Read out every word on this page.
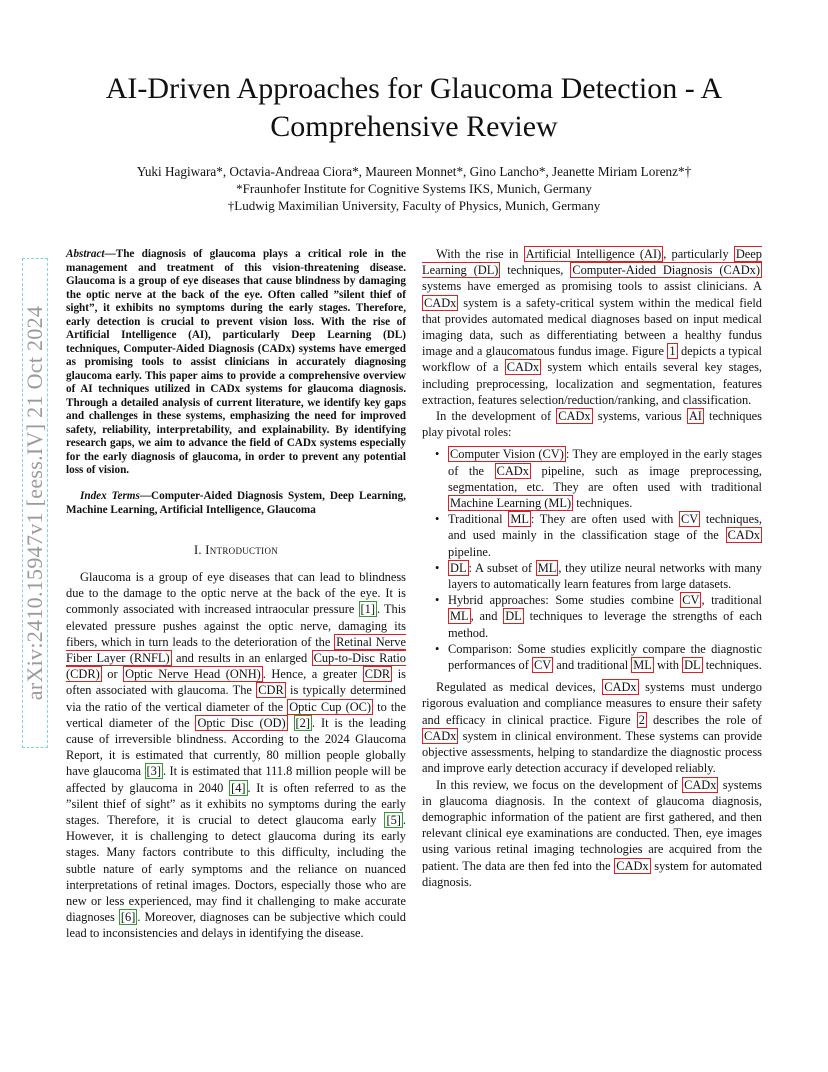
arXiv:2410.15947v1 [eess.IV] 21 Oct 2024
AI-Driven Approaches for Glaucoma Detection - A
Comprehensive Review
Yuki Hagiwara*, Octavia-Andreaa Ciora*, Maureen Monnet*, Gino Lancho*, Jeanette Miriam Lorenz*†
*Fraunhofer Institute for Cognitive Systems IKS, Munich, Germany
†Ludwig Maximilian University, Faculty of Physics, Munich, Germany
Abstract—The diagnosis of glaucoma plays a critical role in the management and treatment of this vision-threatening disease. Glaucoma is a group of eye diseases that cause blindness by damaging the optic nerve at the back of the eye. Often called ”silent thief of sight”, it exhibits no symptoms during the early stages. Therefore, early detection is crucial to prevent vision loss. With the rise of Artificial Intelligence (AI), particularly Deep Learning (DL) techniques, Computer-Aided Diagnosis (CADx) systems have emerged as promising tools to assist clinicians in accurately diagnosing glaucoma early. This paper aims to provide a comprehensive overview of AI techniques utilized in CADx systems for glaucoma diagnosis. Through a detailed analysis of current literature, we identify key gaps and challenges in these systems, emphasizing the need for improved safety, reliability, interpretability, and explainability. By identifying research gaps, we aim to advance the field of CADx systems especially for the early diagnosis of glaucoma, in order to prevent any potential loss of vision.

Index Terms—Computer-Aided Diagnosis System, Deep Learning, Machine Learning, Artificial Intelligence, Glaucoma

I. Introduction

Glaucoma is a group of eye diseases that can lead to blindness due to the damage to the optic nerve at the back of the eye. It is commonly associated with increased intraocular pressure [1] . This elevated pressure pushes against the optic nerve, damaging its fibers, which in turn leads to the deterioration of the Retinal Nerve Fiber Layer (RNFL) and results in an enlarged Cup-to-Disc Ratio (CDR) or Optic Nerve Head (ONH) . Hence, a greater CDR is often associated with glaucoma. The CDR is typically determined via the ratio of the vertical diameter of the Optic Cup (OC) to the vertical diameter of the Optic Disc (OD) [2] . It is the leading cause of irreversible blindness. According to the 2024 Glaucoma Report, it is estimated that currently, 80 million people globally have glaucoma [3] . It is estimated that 111.8 million people will be affected by glaucoma in 2040 [4] . It is often referred to as the ”silent thief of sight” as it exhibits no symptoms during the early stages. Therefore, it is crucial to detect glaucoma early [5] . However, it is challenging to detect glaucoma during its early stages. Many factors contribute to this difficulty, including the subtle nature of early symptoms and the reliance on nuanced interpretations of retinal images. Doctors, especially those who are new or less experienced, may find it challenging to make accurate diagnoses [6] . Moreover, diagnoses can be subjective which could lead to inconsistencies and delays in identifying the disease.

With the rise in Artificial Intelligence (AI) , particularly Deep Learning (DL) techniques, Computer-Aided Diagnosis (CADx) systems have emerged as promising tools to assist clinicians. A CADx system is a safety-critical system within the medical field that provides automated medical diagnoses based on input medical imaging data, such as differentiating between a healthy fundus image and a glaucomatous fundus image. Figure 1 depicts a typical workflow of a CADx system which entails several key stages, including preprocessing, localization and segmentation, features extraction, features selection/reduction/ranking, and classification.

In the development of CADx systems, various AI techniques play pivotal roles:

• Computer Vision (CV) : They are employed in the early stages of the CADx pipeline, such as image preprocessing, segmentation, etc. They are often used with traditional Machine Learning (ML) techniques.
• Traditional ML : They are often used with CV techniques, and used mainly in the classification stage of the CADx pipeline.
• DL : A subset of ML , they utilize neural networks with many layers to automatically learn features from large datasets.
• Hybrid approaches: Some studies combine CV , traditional ML , and DL techniques to leverage the strengths of each method.
• Comparison: Some studies explicitly compare the diagnostic performances of CV and traditional ML with DL techniques.

Regulated as medical devices, CADx systems must undergo rigorous evaluation and compliance measures to ensure their safety and efficacy in clinical practice. Figure 2 describes the role of CADx system in clinical environment. These systems can provide objective assessments, helping to standardize the diagnostic process and improve early detection accuracy if developed reliably.

In this review, we focus on the development of CADx systems in glaucoma diagnosis. In the context of glaucoma diagnosis, demographic information of the patient are first gathered, and then relevant clinical eye examinations are conducted. Then, eye images using various retinal imaging technologies are acquired from the patient. The data are then fed into the CADx system for automated diagnosis.
